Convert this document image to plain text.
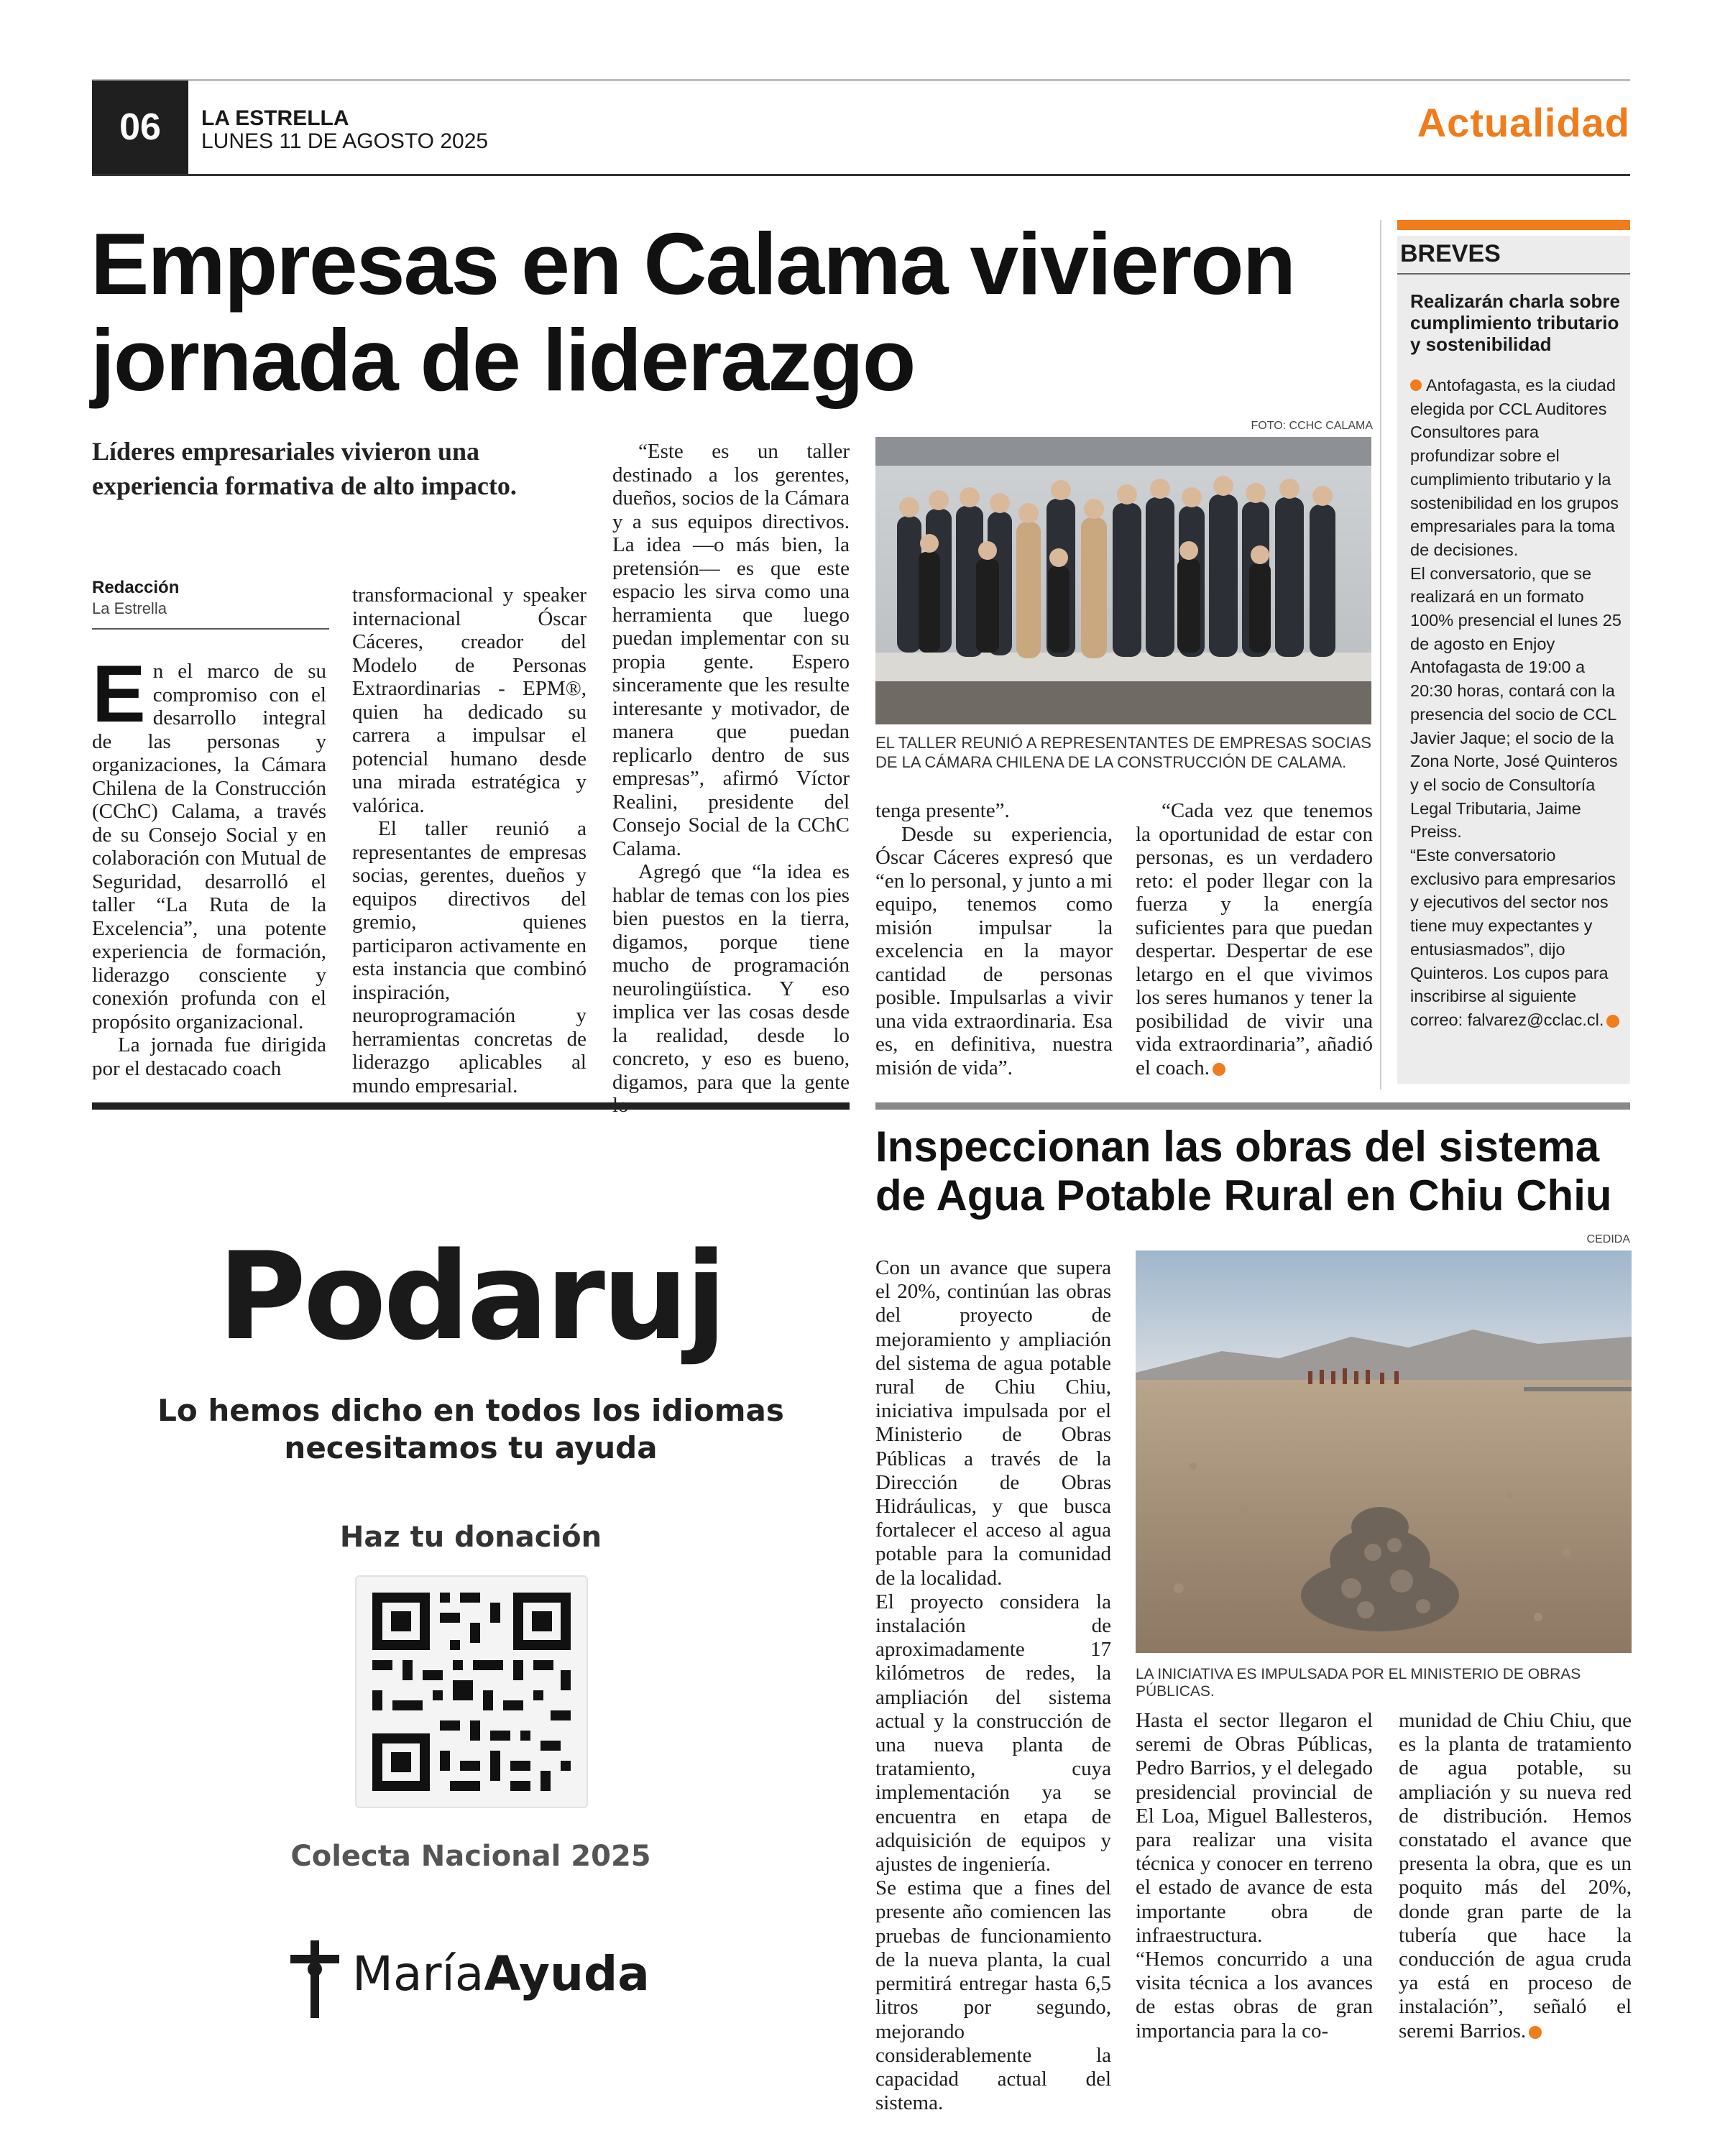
06	LA ESTRELLA
LUNES 11 DE AGOSTO 2025	Actualidad
Empresas en Calama vivieron jornada de liderazgo
Líderes empresariales vivieron una experiencia formativa de alto impacto.
Redacción
La Estrella

En el marco de su compromiso con el desarrollo integral de las personas y organizaciones, la Cámara Chilena de la Construcción (CChC) Calama, a través de su Consejo Social y en colaboración con Mutual de Seguridad, desarrolló el taller “La Ruta de la Excelencia”, una potente experiencia de formación, liderazgo consciente y conexión profunda con el propósito organizacional.

La jornada fue dirigida por el destacado coach

transformacional y speaker internacional Óscar Cáceres, creador del Modelo de Personas Extraordinarias - EPM®, quien ha dedicado su carrera a impulsar el potencial humano desde una mirada estratégica y valórica.

El taller reunió a representantes de empresas socias, gerentes, dueños y equipos directivos del gremio, quienes participaron activamente en esta instancia que combinó inspiración, neuroprogramación y herramientas concretas de liderazgo aplicables al mundo empresarial.

“Este es un taller destinado a los gerentes, dueños, socios de la Cámara y a sus equipos directivos. La idea —o más bien, la pretensión— es que este espacio les sirva como una herramienta que luego puedan implementar con su propia gente. Espero sinceramente que les resulte interesante y motivador, de manera que puedan replicarlo dentro de sus empresas”, afirmó Víctor Realini, presidente del Consejo Social de la CChC Calama.

Agregó que “la idea es hablar de temas con los pies bien puestos en la tierra, digamos, porque tiene mucho de programación neurolingüística. Y eso implica ver las cosas desde la realidad, desde lo concreto, y eso es bueno, digamos, para que la gente

tenga presente”.

Desde su experiencia, Óscar Cáceres expresó que “en lo personal, y junto a mi equipo, tenemos como misión impulsar la excelencia en la mayor cantidad de personas posible. Impulsarlas a vivir una vida extraordinaria. Esa es, en definitiva, nuestra misión de vida”.

“Cada vez que tenemos la oportunidad de estar con personas, es un verdadero reto: el poder llegar con la fuerza y la energía suficientes para que puedan despertar. Despertar de ese letargo en el que vivimos los seres humanos y tener la posibilidad de vivir una vida extraordinaria”, añadió el coach.

FOTO: CCHC CALAMA
EL TALLER REUNIÓ A REPRESENTANTES DE EMPRESAS SOCIAS DE LA CÁMARA CHILENA DE LA CONSTRUCCIÓN DE CALAMA.
BREVES
Realizarán charla sobre cumplimiento tributario y sostenibilidad

Antofagasta, es la ciudad elegida por CCL Auditores Consultores para profundizar sobre el cumplimiento tributario y la sostenibilidad en los grupos empresariales para la toma de decisiones.

El conversatorio, que se realizará en un formato 100% presencial el lunes 25 de agosto en Enjoy Antofagasta de 19:00 a 20:30 horas, contará con la presencia del socio de CCL Javier Jaque; el socio de la Zona Norte, José Quinteros y el socio de Consultoría Legal Tributaria, Jaime Preiss.

“Este conversatorio exclusivo para empresarios y ejecutivos del sector nos tiene muy expectantes y entusiasmados”, dijo Quinteros. Los cupos para inscribirse al siguiente correo: falvarez@cclac.cl.

Inspeccionan las obras del sistema de Agua Potable Rural en Chiu Chiu
CEDIDA
LA INICIATIVA ES IMPULSADA POR EL MINISTERIO DE OBRAS PÚBLICAS.

Con un avance que supera el 20%, continúan las obras del proyecto de mejoramiento y ampliación del sistema de agua potable rural de Chiu Chiu, iniciativa impulsada por el Ministerio de Obras Públicas a través de la Dirección de Obras Hidráulicas, y que busca fortalecer el acceso al agua potable para la comunidad de la localidad.

El proyecto considera la instalación de aproximadamente 17 kilómetros de redes, la ampliación del sistema actual y la construcción de una nueva planta de tratamiento, cuya implementación ya se encuentra en etapa de adquisición de equipos y ajustes de ingeniería.

Se estima que a fines del presente año comiencen las pruebas de funcionamiento de la nueva planta, la cual permitirá entregar hasta 6,5 litros por segundo, mejorando considerablemente la capacidad actual del sistema.

Hasta el sector llegaron el seremi de Obras Públicas, Pedro Barrios, y el delegado presidencial provincial de El Loa, Miguel Ballesteros, para realizar una visita técnica y conocer en terreno el estado de avance de esta importante obra de infraestructura.

“Hemos concurrido a una visita técnica a los avances de estas obras de gran importancia para la co-

munidad de Chiu Chiu, que es la planta de tratamiento de agua potable, su ampliación y su nueva red de distribución. Hemos constatado el avance que presenta la obra, que es un poquito más del 20%, donde gran parte de la tubería que hace la conducción de agua cruda ya está en proceso de instalación”, señaló el seremi Barrios.

Podaruj
Lo hemos dicho en todos los idiomas
necesitamos tu ayuda
Haz tu donación
Colecta Nacional 2025
MaríaAyuda
